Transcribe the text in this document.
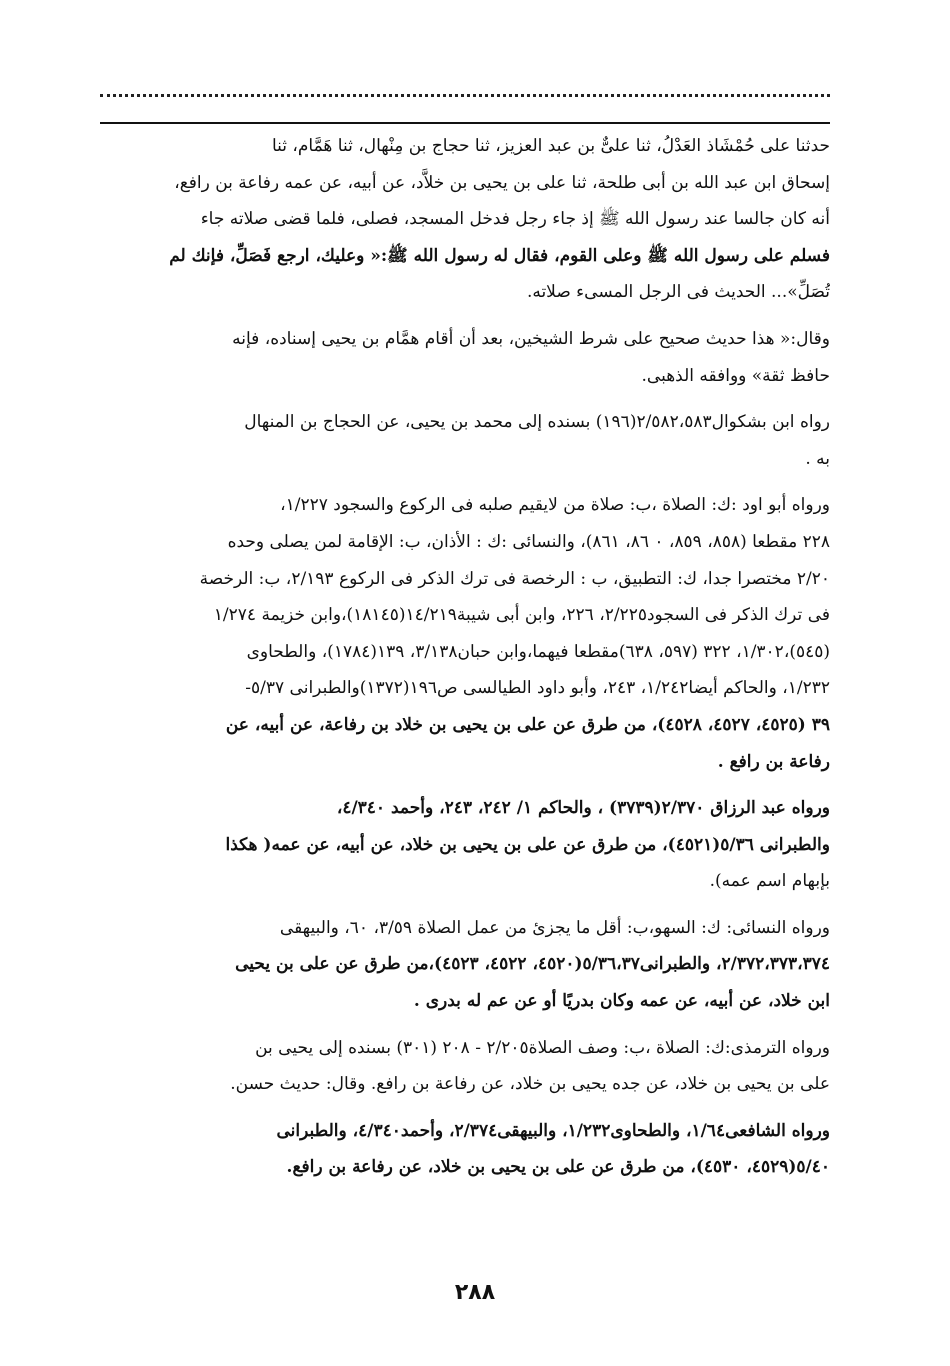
حدثنا على حُمْشَاذ العَدْلُ، ثنا علىٌّ بن عبد العزيز، ثنا حجاج بن مِنْهال، ثنا هَمَّام، ثنا
إسحاق ابن عبد الله بن أبى طلحة، ثنا على بن يحيى بن خلاَّد، عن أبيه، عن عمه رفاعة بن رافع،
أنه كان جالسا عند رسول الله ﷺ إذ جاء رجل فدخل المسجد، فصلى، فلما قضى صلاته جاء
فسلم على رسول الله ﷺ وعلى القوم، فقال له رسول الله ﷺ:« وعليك، ارجع فَصَلِّ، فإنك لم
تُصَلِّ»... الحديث فى الرجل المسىء صلاته.
وقال:« هذا حديث صحيح على شرط الشيخين، بعد أن أقام همَّام بن يحيى إسناده، فإنه
حافظ ثقة» ووافقه الذهبى.
رواه ابن بشكوال٢/٥٨٢،٥٨٣(١٩٦) بسنده إلى محمد بن يحيى، عن الحجاج بن المنهال
به .
ورواه أبو اود :ك: الصلاة ،ب: صلاة من لايقيم صلبه فى الركوع والسجود ١/٢٢٧،
٢٢٨ مقطعا (٨٥٨، ٨٥٩، ٠ ٨٦، ٨٦١)، والنسائى :ك : الأذان، ب: الإقامة لمن يصلى وحده
٢/٢٠ مختصرا جدا، ك: التطبيق، ب : الرخصة فى ترك الذكر فى الركوع ٢/١٩٣، ب: الرخصة
فى ترك الذكر فى السجود٢/٢٢٥، ٢٢٦، وابن أبى شيبة١٤/٢١٩(١٨١٤٥)،وابن خزيمة ١/٢٧٤
(٥٤٥)،١/٣٠٢، ٣٢٢ (٥٩٧، ٦٣٨)مقطعا فيهما،وابن حبان٣/١٣٨، ١٣٩(١٧٨٤)، والطحاوى
١/٢٣٢، والحاكم أيضا١/٢٤٢، ٢٤٣، وأبو داود الطيالسى ص١٩٦(١٣٧٢)والطبرانى ٥/٣٧-
٣٩ (٤٥٢٥، ٤٥٢٧، ٤٥٢٨)، من طرق عن على بن يحيى بن خلاد بن رفاعة، عن أبيه، عن
رفاعة بن رافع .
ورواه عبد الرزاق ٢/٣٧٠(٣٧٣٩) ، والحاكم ١/ ٢٤٢، ٢٤٣، وأحمد ٤/٣٤٠،
والطبرانى ٥/٣٦(٤٥٢١)، من طرق عن على بن يحيى بن خلاد، عن أبيه، عن عمه( هكذا
بإبهام اسم عمه).
ورواه النسائى: ك: السهو،ب: أقل ما يجزئ من عمل الصلاة ٣/٥٩، ٦٠، والبيهقى
٢/٣٧٢،٣٧٣،٣٧٤، والطبرانى٥/٣٦،٣٧(٤٥٢٠، ٤٥٢٢، ٤٥٢٣)،من طرق عن على بن يحيى
ابن خلاد، عن أبيه، عن عمه وكان بدريًا أو عن عم له بدرى .
ورواه الترمذى:ك: الصلاة ،ب: وصف الصلاة٢/٢٠٥ - ٢٠٨ (٣٠١) بسنده إلى يحيى بن
على بن يحيى بن خلاد، عن جده يحيى بن خلاد، عن رفاعة بن رافع. وقال: حديث حسن.
ورواه الشافعى١/٦٤، والطحاوى١/٢٣٢، والبيهقى٢/٣٧٤، وأحمد٤/٣٤٠، والطبرانى
٥/٤٠(٤٥٢٩، ٤٥٣٠)، من طرق عن على بن يحيى بن خلاد، عن رفاعة بن رافع.
٢٨٨
